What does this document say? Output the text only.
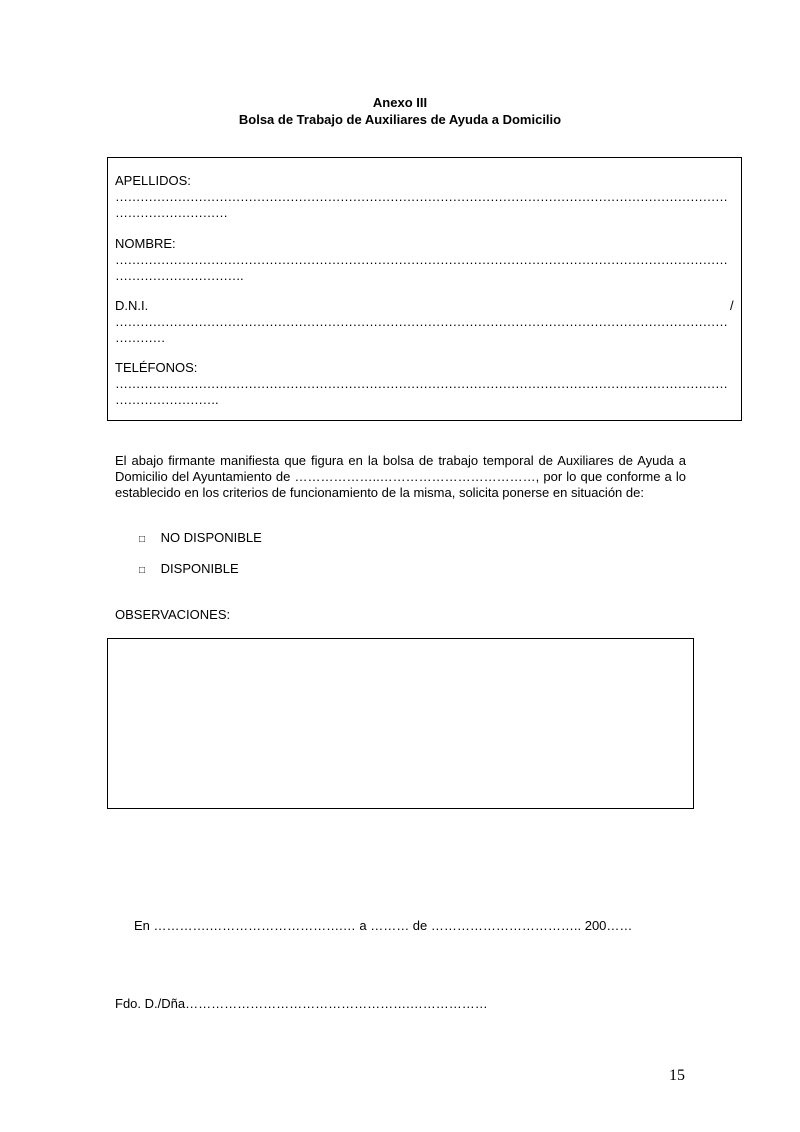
Anexo III
Bolsa de Trabajo de Auxiliares de Ayuda a Domicilio
APELLIDOS:
…………………………………………………………………………………………………………………………………
………………………
NOMBRE:
…………………………………………………………………………………………………………………………………
………………………….
D.N.I.	/
…………………………………………………………………………………………………………………………………
…………
TELÉFONOS:
…………………………………………………………………………………………………………………………………
…………………….
El abajo firmante manifiesta que figura en la bolsa de trabajo temporal de Auxiliares de Ayuda a Domicilio del Ayuntamiento de ………………..………………………………, por lo que conforme a lo establecido en los criterios de funcionamiento de la misma, solicita ponerse en situación de:
□ NO DISPONIBLE
□ DISPONIBLE
OBSERVACIONES:
En ………….………………………….… a ……… de …………………………….. 200……
Fdo. D./Dña…………………………………………….………………
15
